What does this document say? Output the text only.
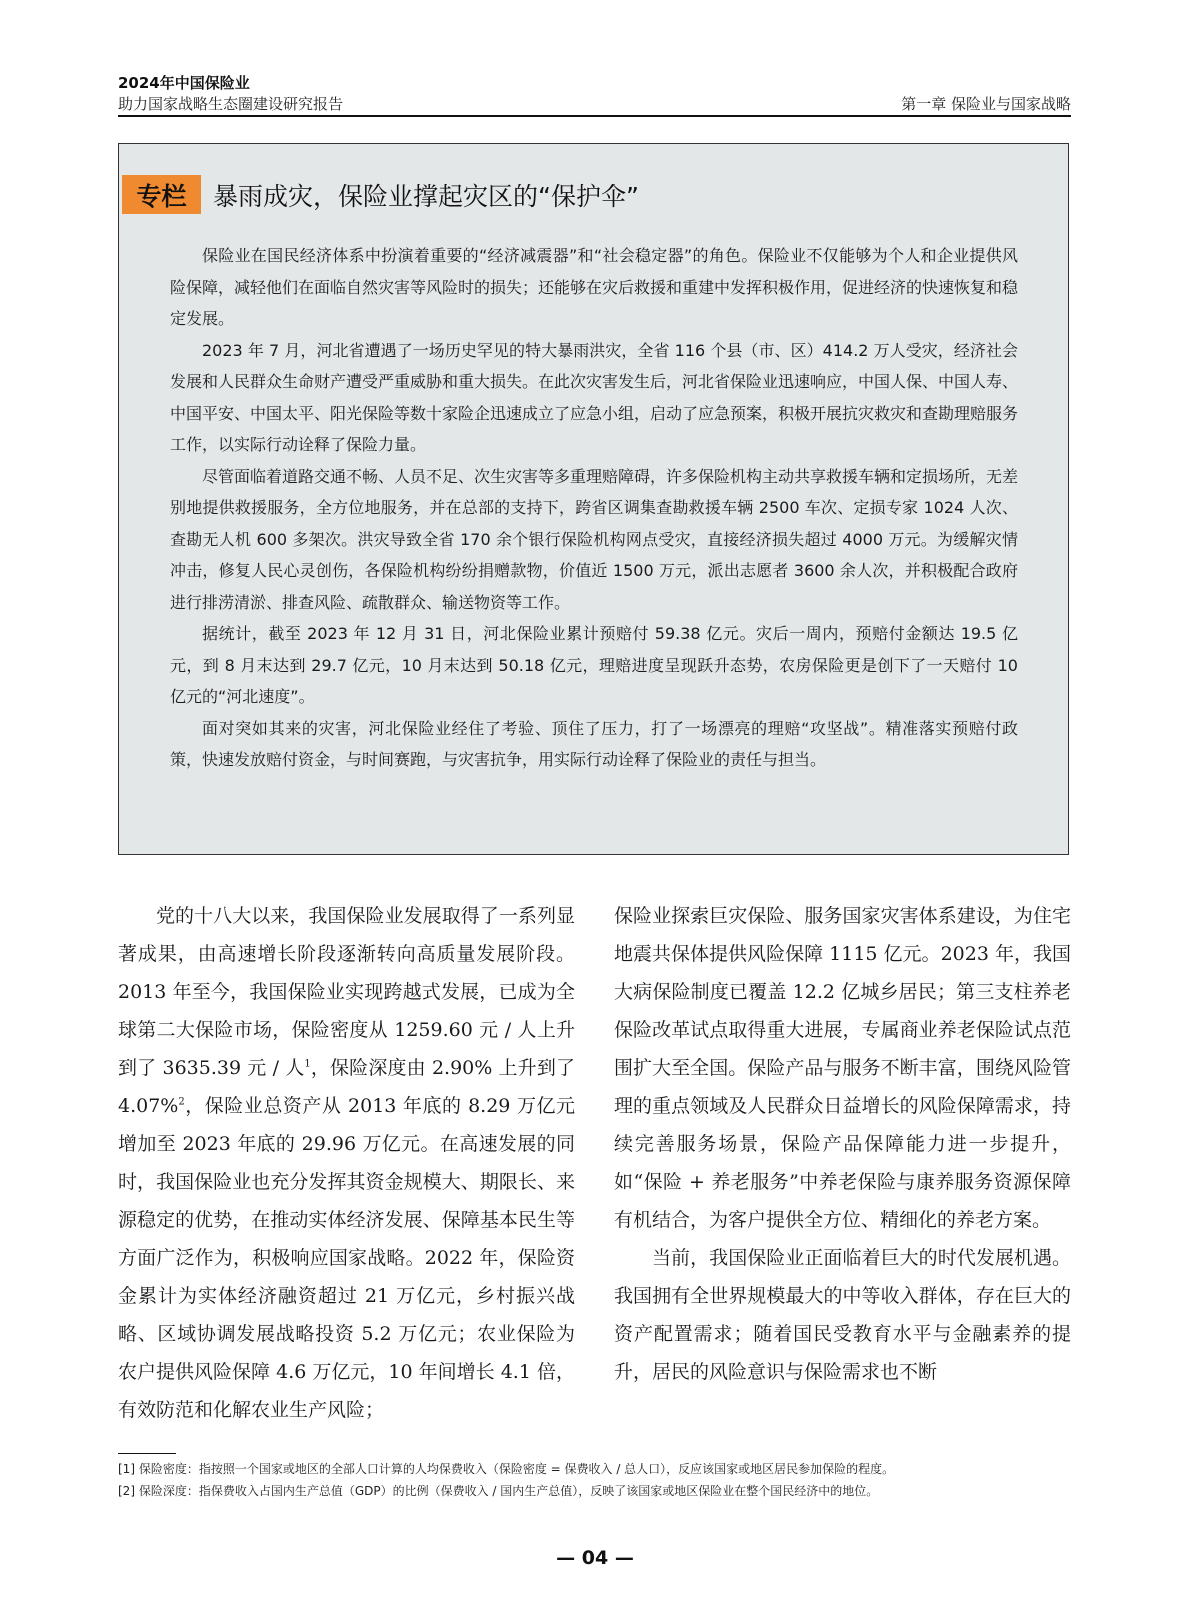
2024年中国保险业
助力国家战略生态圈建设研究报告	第一章 保险业与国家战略
专栏	暴雨成灾，保险业撑起灾区的“保护伞”

保险业在国民经济体系中扮演着重要的“经济减震器”和“社会稳定器”的角色。保险业不仅能够为个人和企业提供风险保障，减轻他们在面临自然灾害等风险时的损失；还能够在灾后救援和重建中发挥积极作用，促进经济的快速恢复和稳定发展。

2023 年 7 月，河北省遭遇了一场历史罕见的特大暴雨洪灾，全省 116 个县（市、区）414.2 万人受灾，经济社会发展和人民群众生命财产遭受严重威胁和重大损失。在此次灾害发生后，河北省保险业迅速响应，中国人保、中国人寿、中国平安、中国太平、阳光保险等数十家险企迅速成立了应急小组，启动了应急预案，积极开展抗灾救灾和查勘理赔服务工作，以实际行动诠释了保险力量。

尽管面临着道路交通不畅、人员不足、次生灾害等多重理赔障碍，许多保险机构主动共享救援车辆和定损场所，无差别地提供救援服务，全方位地服务，并在总部的支持下，跨省区调集查勘救援车辆 2500 车次、定损专家 1024 人次、查勘无人机 600 多架次。洪灾导致全省 170 余个银行保险机构网点受灾，直接经济损失超过 4000 万元。为缓解灾情冲击，修复人民心灵创伤，各保险机构纷纷捐赠款物，价值近 1500 万元，派出志愿者 3600 余人次，并积极配合政府进行排涝清淤、排查风险、疏散群众、输送物资等工作。

据统计，截至 2023 年 12 月 31 日，河北保险业累计预赔付 59.38 亿元。灾后一周内，预赔付金额达 19.5 亿元，到 8 月末达到 29.7 亿元，10 月末达到 50.18 亿元，理赔进度呈现跃升态势，农房保险更是创下了一天赔付 10 亿元的“河北速度”。

面对突如其来的灾害，河北保险业经住了考验、顶住了压力，打了一场漂亮的理赔“攻坚战”。精准落实预赔付政策，快速发放赔付资金，与时间赛跑，与灾害抗争，用实际行动诠释了保险业的责任与担当。

党的十八大以来，我国保险业发展取得了一系列显著成果，由高速增长阶段逐渐转向高质量发展阶段。2013 年至今，我国保险业实现跨越式发展，已成为全球第二大保险市场，保险密度从 1259.60 元 / 人上升到了 3635.39 元 / 人$^1$，保险深度由 2.90% 上升到了 4.07%$^2$，保险业总资产从 2013 年底的 8.29 万亿元增加至 2023 年底的 29.96 万亿元。在高速发展的同时，我国保险业也充分发挥其资金规模大、期限长、来源稳定的优势，在推动实体经济发展、保障基本民生等方面广泛作为，积极响应国家战略。2022 年，保险资金累计为实体经济融资超过 21 万亿元，乡村振兴战略、区域协调发展战略投资 5.2 万亿元；农业保险为农户提供风险保障 4.6 万亿元，10 年间增长 4.1 倍，有效防范和化解农业生产风险；

保险业探索巨灾保险、服务国家灾害体系建设，为住宅地震共保体提供风险保障 1115 亿元。2023 年，我国大病保险制度已覆盖 12.2 亿城乡居民；第三支柱养老保险改革试点取得重大进展，专属商业养老保险试点范围扩大至全国。保险产品与服务不断丰富，围绕风险管理的重点领域及人民群众日益增长的风险保障需求，持续完善服务场景，保险产品保障能力进一步提升，如“保险 + 养老服务”中养老保险与康养服务资源保障有机结合，为客户提供全方位、精细化的养老方案。

当前，我国保险业正面临着巨大的时代发展机遇。我国拥有全世界规模最大的中等收入群体，存在巨大的资产配置需求；随着国民受教育水平与金融素养的提升，居民的风险意识与保险需求也不断

[1] 保险密度：指按照一个国家或地区的全部人口计算的人均保费收入（保险密度 = 保费收入 / 总人口），反应该国家或地区居民参加保险的程度。
[2] 保险深度：指保费收入占国内生产总值（GDP）的比例（保费收入 / 国内生产总值），反映了该国家或地区保险业在整个国民经济中的地位。
— 04 —
